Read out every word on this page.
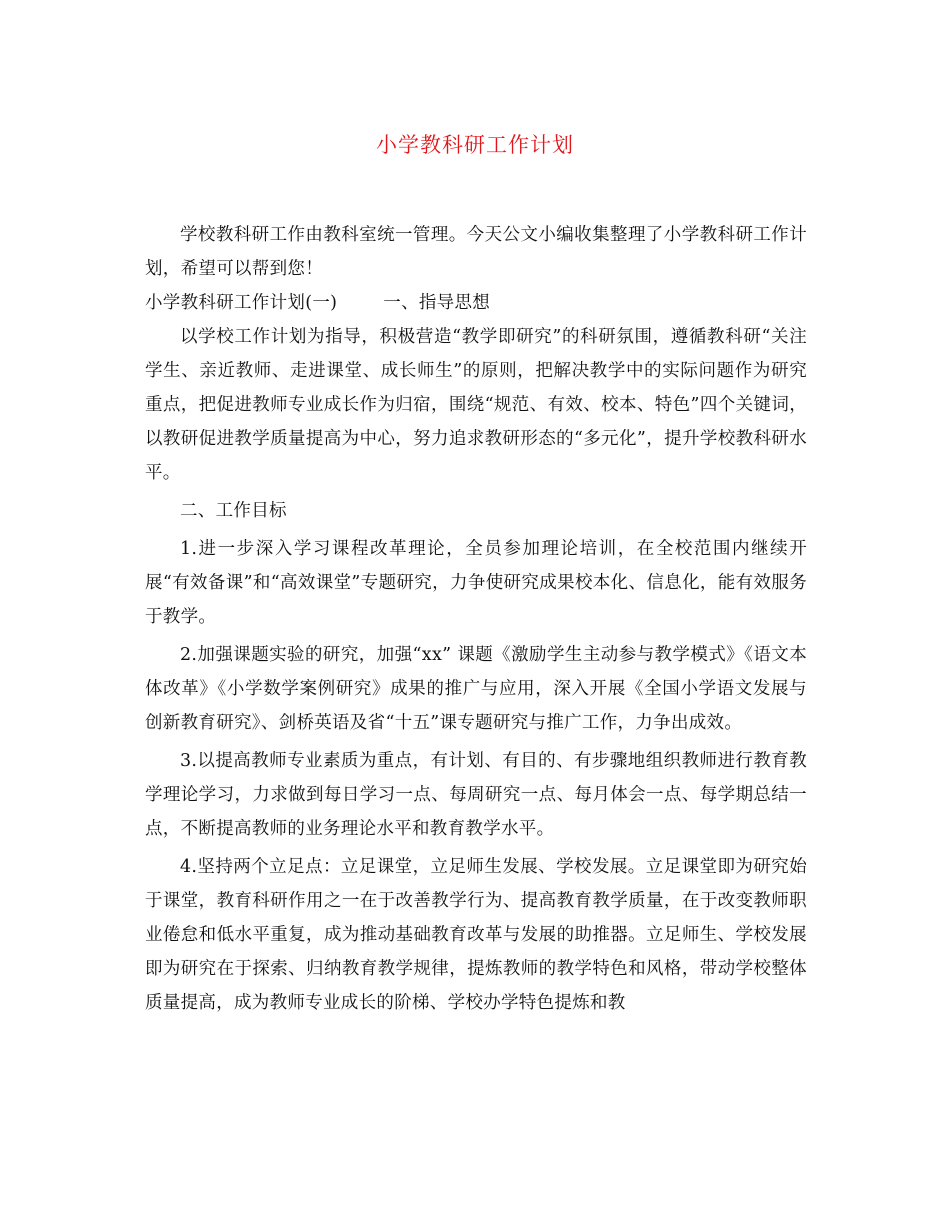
小学教科研工作计划

学校教科研工作由教科室统一管理。今天公文小编收集整理了小学教科研工作计划，希望可以帮到您！

小学教科研工作计划(一)	一、指导思想

以学校工作计划为指导，积极营造“教学即研究”的科研氛围，遵循教科研“关注学生、亲近教师、走进课堂、成长师生”的原则，把解决教学中的实际问题作为研究重点，把促进教师专业成长作为归宿，围绕“规范、有效、校本、特色”四个关键词，以教研促进教学质量提高为中心，努力追求教研形态的“多元化”，提升学校教科研水平。

二、工作目标

1.进一步深入学习课程改革理论，全员参加理论培训，在全校范围内继续开展“有效备课”和“高效课堂”专题研究，力争使研究成果校本化、信息化，能有效服务于教学。

2.加强课题实验的研究，加强“xx” 课题《激励学生主动参与教学模式》《语文本体改革》《小学数学案例研究》成果的推广与应用，深入开展《全国小学语文发展与创新教育研究》、剑桥英语及省“十五”课专题研究与推广工作，力争出成效。

3.以提高教师专业素质为重点，有计划、有目的、有步骤地组织教师进行教育教学理论学习，力求做到每日学习一点、每周研究一点、每月体会一点、每学期总结一点，不断提高教师的业务理论水平和教育教学水平。

4.坚持两个立足点：立足课堂，立足师生发展、学校发展。立足课堂即为研究始于课堂，教育科研作用之一在于改善教学行为、提高教育教学质量，在于改变教师职业倦怠和低水平重复，成为推动基础教育改革与发展的助推器。立足师生、学校发展即为研究在于探索、归纳教育教学规律，提炼教师的教学特色和风格，带动学校整体质量提高，成为教师专业成长的阶梯、学校办学特色提炼和教
